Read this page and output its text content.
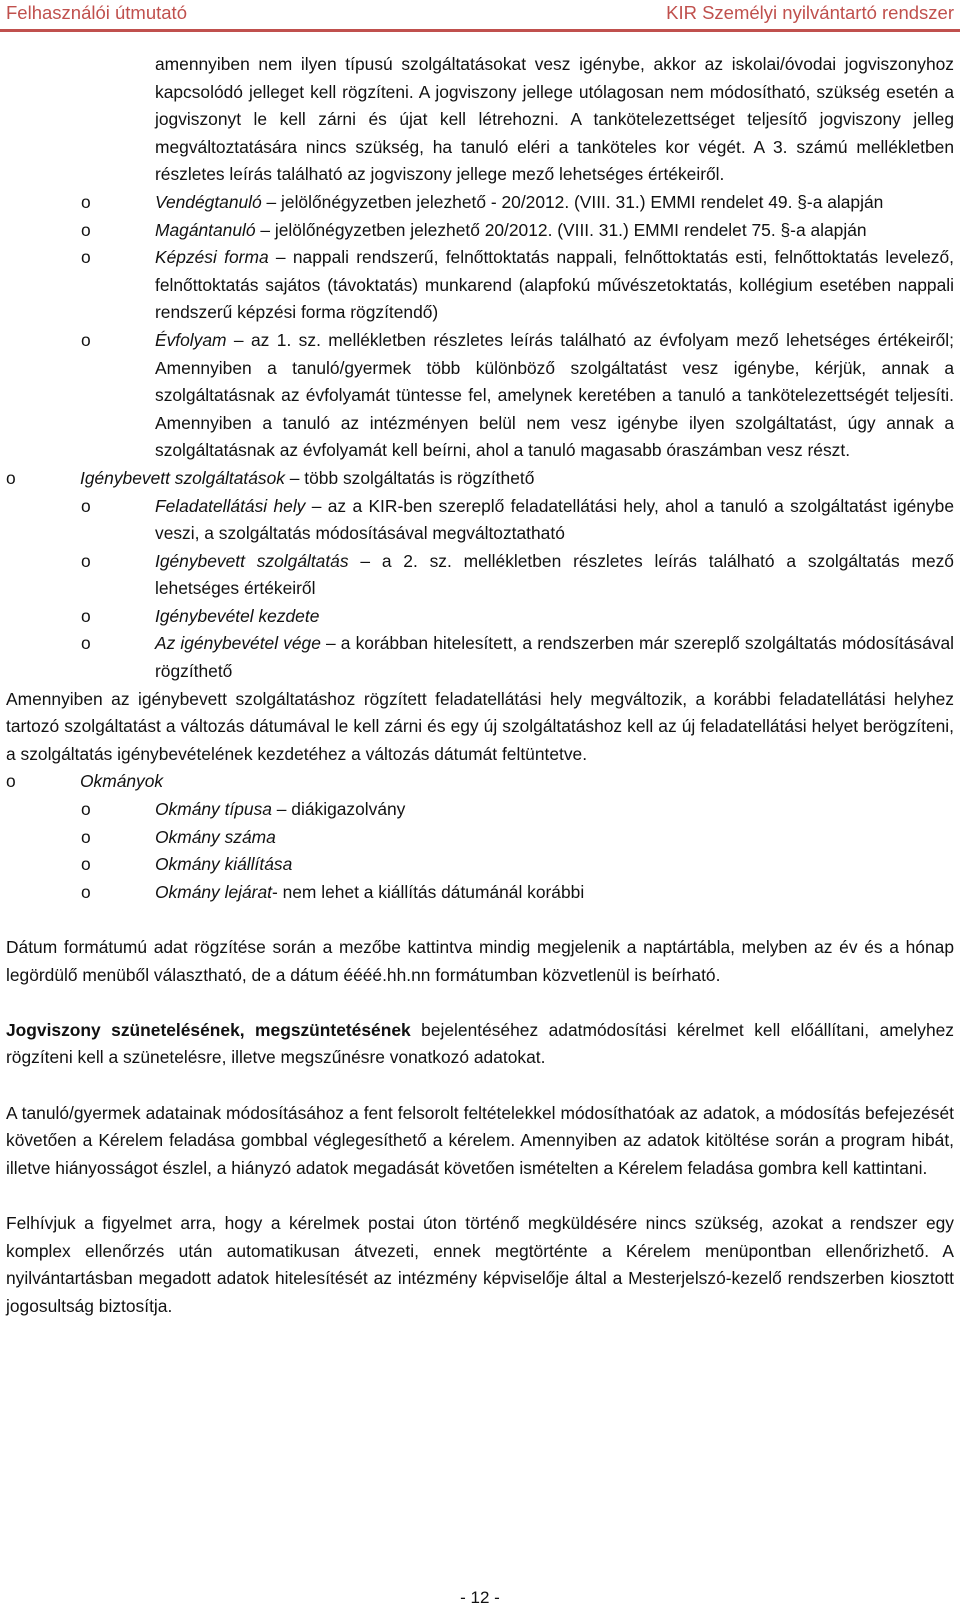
Felhasználói útmutató	KIR Személyi nyilvántartó rendszer

amennyiben nem ilyen típusú szolgáltatásokat vesz igénybe, akkor az iskolai/óvodai jogviszonyhoz kapcsolódó jelleget kell rögzíteni. A jogviszony jellege utólagosan nem módosítható, szükség esetén a jogviszonyt le kell zárni és újat kell létrehozni. A tankötelezettséget teljesítő jogviszony jelleg megváltoztatására nincs szükség, ha tanuló eléri a tanköteles kor végét. A 3. számú mellékletben részletes leírás található az jogviszony jellege mező lehetséges értékeiről.

o Vendégtanuló – jelölőnégyzetben jelezhető - 20/2012. (VIII. 31.) EMMI rendelet 49. §-a alapján

o Magántanuló – jelölőnégyzetben jelezhető 20/2012. (VIII. 31.) EMMI rendelet 75. §-a alapján

o Képzési forma – nappali rendszerű, felnőttoktatás nappali, felnőttoktatás esti, felnőttoktatás levelező, felnőttoktatás sajátos (távoktatás) munkarend (alapfokú művészetoktatás, kollégium esetében nappali rendszerű képzési forma rögzítendő)

o Évfolyam – az 1. sz. mellékletben részletes leírás található az évfolyam mező lehetséges értékeiről; Amennyiben a tanuló/gyermek több különböző szolgáltatást vesz igénybe, kérjük, annak a szolgáltatásnak az évfolyamát tüntesse fel, amelynek keretében a tanuló a tankötelezettségét teljesíti. Amennyiben a tanuló az intézményen belül nem vesz igénybe ilyen szolgáltatást, úgy annak a szolgáltatásnak az évfolyamát kell beírni, ahol a tanuló magasabb óraszámban vesz részt.

o Igénybevett szolgáltatások – több szolgáltatás is rögzíthető

o Feladatellátási hely – az a KIR-ben szereplő feladatellátási hely, ahol a tanuló a szolgáltatást igénybe veszi, a szolgáltatás módosításával megváltoztatható

o Igénybevett szolgáltatás – a 2. sz. mellékletben részletes leírás található a szolgáltatás mező lehetséges értékeiről

o Igénybevétel kezdete

o Az igénybevétel vége – a korábban hitelesített, a rendszerben már szereplő szolgáltatás módosításával rögzíthető

Amennyiben az igénybevett szolgáltatáshoz rögzített feladatellátási hely megváltozik, a korábbi feladatellátási helyhez tartozó szolgáltatást a változás dátumával le kell zárni és egy új szolgáltatáshoz kell az új feladatellátási helyet berögzíteni, a szolgáltatás igénybevételének kezdetéhez a változás dátumát feltüntetve.

o Okmányok

o Okmány típusa – diákigazolvány

o Okmány száma

o Okmány kiállítása

o Okmány lejárat- nem lehet a kiállítás dátumánál korábbi

Dátum formátumú adat rögzítése során a mezőbe kattintva mindig megjelenik a naptártábla, melyben az év és a hónap legördülő menüből választható, de a dátum éééé.hh.nn formátumban közvetlenül is beírható.

Jogviszony szünetelésének, megszüntetésének bejelentéséhez adatmódosítási kérelmet kell előállítani, amelyhez rögzíteni kell a szünetelésre, illetve megszűnésre vonatkozó adatokat.

A tanuló/gyermek adatainak módosításához a fent felsorolt feltételekkel módosíthatóak az adatok, a módosítás befejezését követően a Kérelem feladása gombbal véglegesíthető a kérelem. Amennyiben az adatok kitöltése során a program hibát, illetve hiányosságot észlel, a hiányzó adatok megadását követően ismételten a Kérelem feladása gombra kell kattintani.

Felhívjuk a figyelmet arra, hogy a kérelmek postai úton történő megküldésére nincs szükség, azokat a rendszer egy komplex ellenőrzés után automatikusan átvezeti, ennek megtörténte a Kérelem menüpontban ellenőrizhető. A nyilvántartásban megadott adatok hitelesítését az intézmény képviselője által a Mesterjelszó-kezelő rendszerben kiosztott jogosultság biztosítja.

- 12 -
